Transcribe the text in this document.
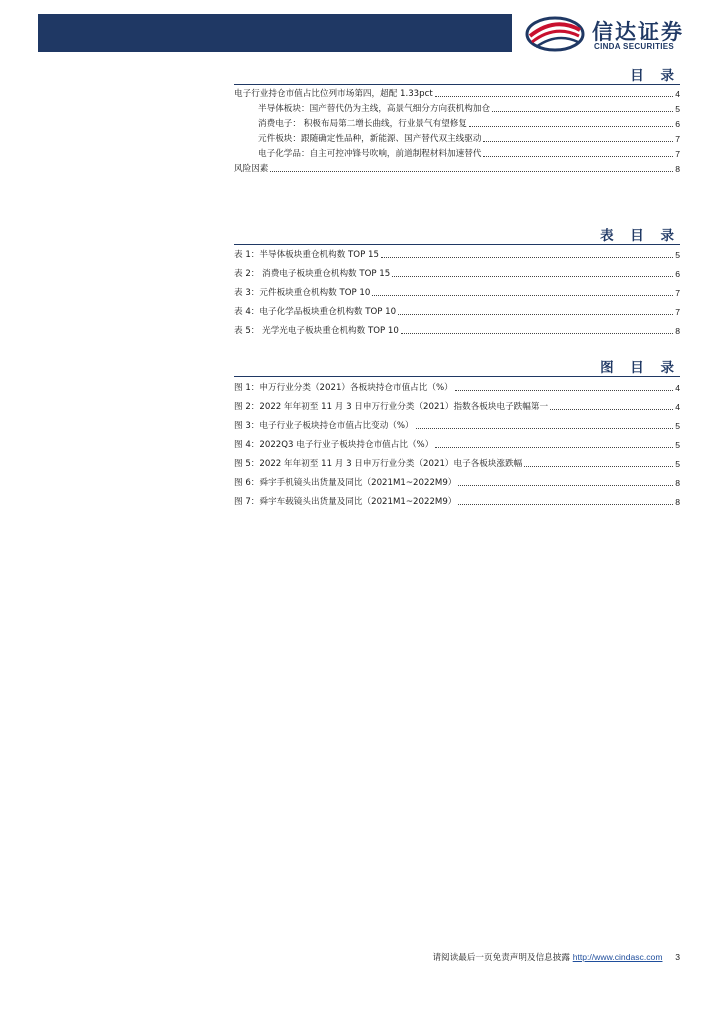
信达证券
CINDA SECURITIES
目 录
电子行业持仓市值占比位列市场第四，超配 1.33pct	4
半导体板块：国产替代仍为主线，高景气细分方向获机构加仓	5
消费电子： 积极布局第二增长曲线，行业景气有望修复	6
元件板块：跟随确定性品种，新能源、国产替代双主线驱动	7
电子化学品：自主可控冲锋号吹响，前道制程材料加速替代	7
风险因素	8
表 目 录
表 1：半导体板块重仓机构数 TOP 15	5
表 2： 消费电子板块重仓机构数 TOP 15	6
表 3：元件板块重仓机构数 TOP 10	7
表 4：电子化学品板块重仓机构数 TOP 10	7
表 5： 光学光电子板块重仓机构数 TOP 10	8
图 目 录
图 1：申万行业分类（2021）各板块持仓市值占比（%）	4
图 2：2022 年年初至 11 月 3 日申万行业分类（2021）指数各板块电子跌幅第一	4
图 3：电子行业子板块持仓市值占比变动（%）	5
图 4：2022Q3 电子行业子板块持仓市值占比（%）	5
图 5：2022 年年初至 11 月 3 日申万行业分类（2021）电子各板块涨跌幅	5
图 6：舜宇手机镜头出货量及同比（2021M1~2022M9）	8
图 7：舜宇车载镜头出货量及同比（2021M1~2022M9）	8
请阅读最后一页免责声明及信息披露 http://www.cindasc.com 3
